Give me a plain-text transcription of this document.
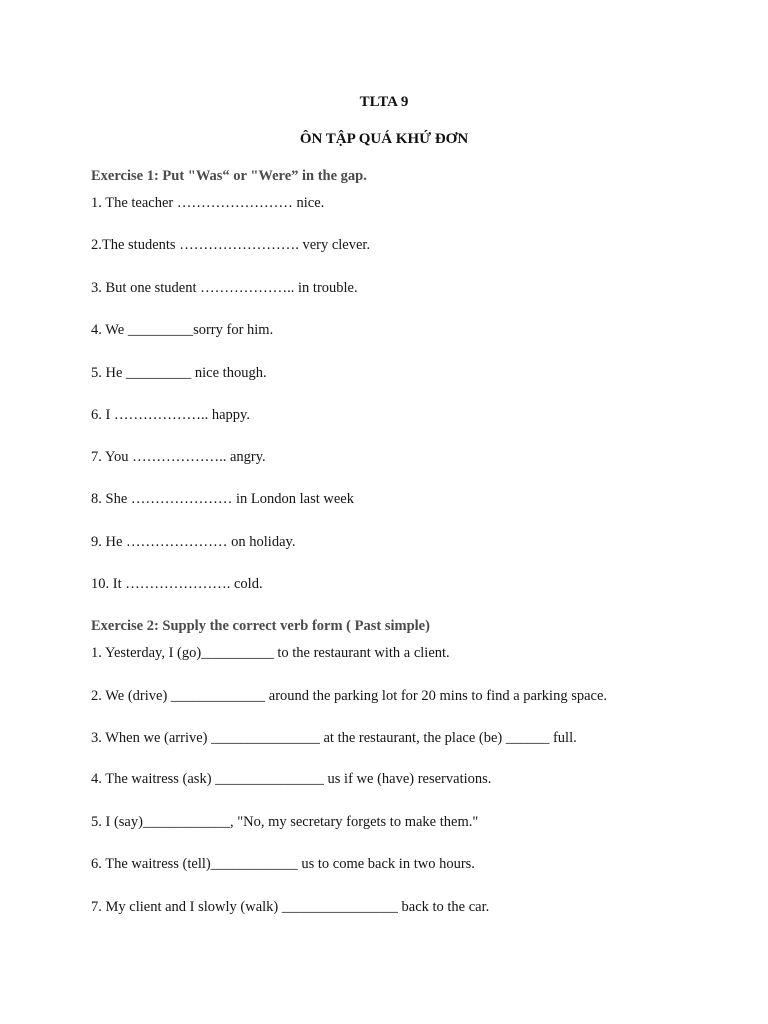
TLTA 9
ÔN TẬP QUÁ KHỨ ĐƠN
Exercise 1: Put "Was“ or "Were” in the gap.
1. The teacher …………………… nice.
2.The students ……………………. very clever.
3. But one student ……………….. in trouble.
4. We _________sorry for him.
5. He _________ nice though.
6. I ……………….. happy.
7. You ……………….. angry.
8. She ………………… in London last week
9. He ………………… on holiday.
10. It …………………. cold.
Exercise 2: Supply the correct verb form ( Past simple)
1. Yesterday, I (go)__________ to the restaurant with a client.
2. We (drive) _____________ around the parking lot for 20 mins to find a parking space.
3. When we (arrive) _______________ at the restaurant, the place (be) ______ full.
4. The waitress (ask) _______________ us if we (have) reservations.
5. I (say)____________, "No, my secretary forgets to make them."
6. The waitress (tell)____________ us to come back in two hours.
7. My client and I slowly (walk) ________________ back to the car.
